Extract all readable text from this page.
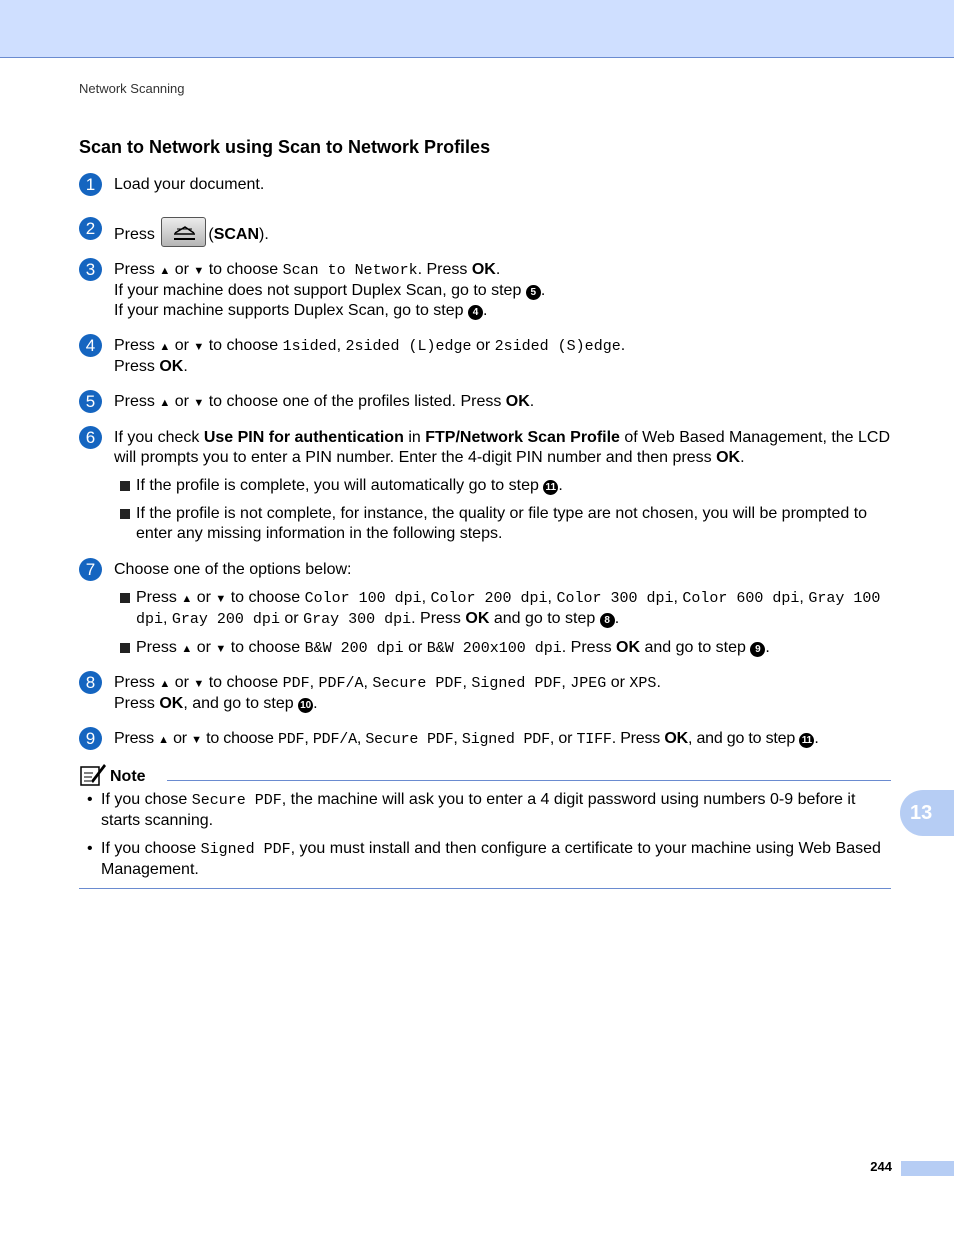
Network Scanning
Scan to Network using Scan to Network Profiles
1	Load your document.
2	Press	(SCAN).
3	Press ▲ or ▼ to choose Scan to Network. Press OK.
If your machine does not support Duplex Scan, go to step 5 .
If your machine supports Duplex Scan, go to step 4 .
4	Press ▲ or ▼ to choose 1sided, 2sided (L)edge or 2sided (S)edge.
Press OK.
5	Press ▲ or ▼ to choose one of the profiles listed. Press OK.
6	If you check Use PIN for authentication in FTP/Network Scan Profile of Web Based Management, the LCD will prompts you to enter a PIN number. Enter the 4-digit PIN number and then press OK.
If the profile is complete, you will automatically go to step 11 .
If the profile is not complete, for instance, the quality or file type are not chosen, you will be prompted to enter any missing information in the following steps.
7	Choose one of the options below:
Press ▲ or ▼ to choose Color 100 dpi, Color 200 dpi, Color 300 dpi, Color 600 dpi, Gray 100 dpi, Gray 200 dpi or Gray 300 dpi. Press OK and go to step 8 .
Press ▲ or ▼ to choose B&W 200 dpi or B&W 200x100 dpi. Press OK and go to step 9 .
8	Press ▲ or ▼ to choose PDF, PDF/A, Secure PDF, Signed PDF, JPEG or XPS.
Press OK, and go to step 10 .
9	Press ▲ or ▼ to choose PDF, PDF/A, Secure PDF, Signed PDF, or TIFF. Press OK, and go to step 11 .
Note
• If you chose Secure PDF, the machine will ask you to enter a 4 digit password using numbers 0-9 before it starts scanning.
• If you choose Signed PDF, you must install and then configure a certificate to your machine using Web Based Management.
13
244
